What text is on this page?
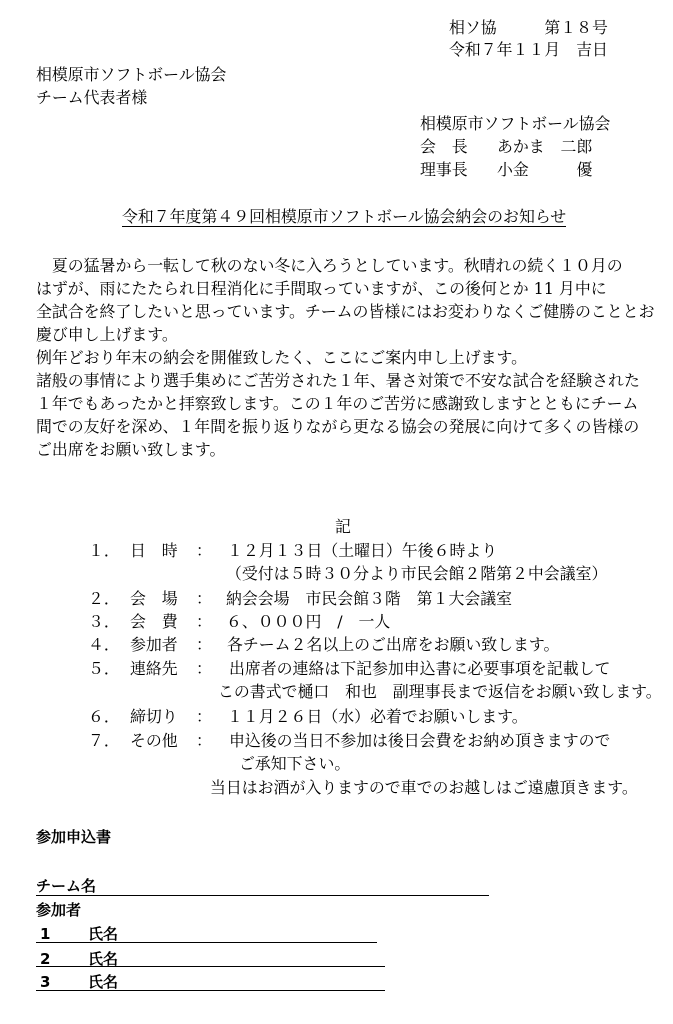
相ソ協　　　第１８号
令和７年１１月　吉日
相模原市ソフトボール協会
チーム代表者様
相模原市ソフトボール協会
会　長 あかま　二郎
理事長 小金　　　優
令和７年度第４９回相模原市ソフトボール協会納会のお知らせ
　夏の猛暑から一転して秋のない冬に入ろうとしています。秋晴れの続く１０月の
はずが、雨にたたられ日程消化に手間取っていますが、この後何とか 11 月中に
全試合を終了したいと思っています。チームの皆様にはお変わりなくご健勝のこととお
慶び申し上げます。
例年どおり年末の納会を開催致したく、ここにご案内申し上げます。
諸般の事情により選手集めにご苦労された１年、暑さ対策で不安な試合を経験された
１年でもあったかと拝察致します。この１年のご苦労に感謝致しますとともにチーム
間での友好を深め、１年間を振り返りながら更なる協会の発展に向けて多くの皆様の
ご出席をお願い致します。
記
１． 日　時 ： １２月１３日（土曜日）午後６時より
（受付は５時３０分より市民会館２階第２中会議室）
２． 会　場 ： 納会会場　市民会館３階　第１大会議室
３． 会　費 ： ６、０００円　/　一人
４． 参加者 ： 各チーム２名以上のご出席をお願い致します。
５． 連絡先 ： 出席者の連絡は下記参加申込書に必要事項を記載して
この書式で樋口　和也　副理事長まで返信をお願い致します。
６． 締切り ： １１月２６日（水）必着でお願いします。
７． その他 ： 申込後の当日不参加は後日会費をお納め頂きますので
ご承知下さい。
当日はお酒が入りますので車でのお越しはご遠慮頂きます。
参加申込書
チーム名
参加者
1	氏名
2	氏名
3	氏名
